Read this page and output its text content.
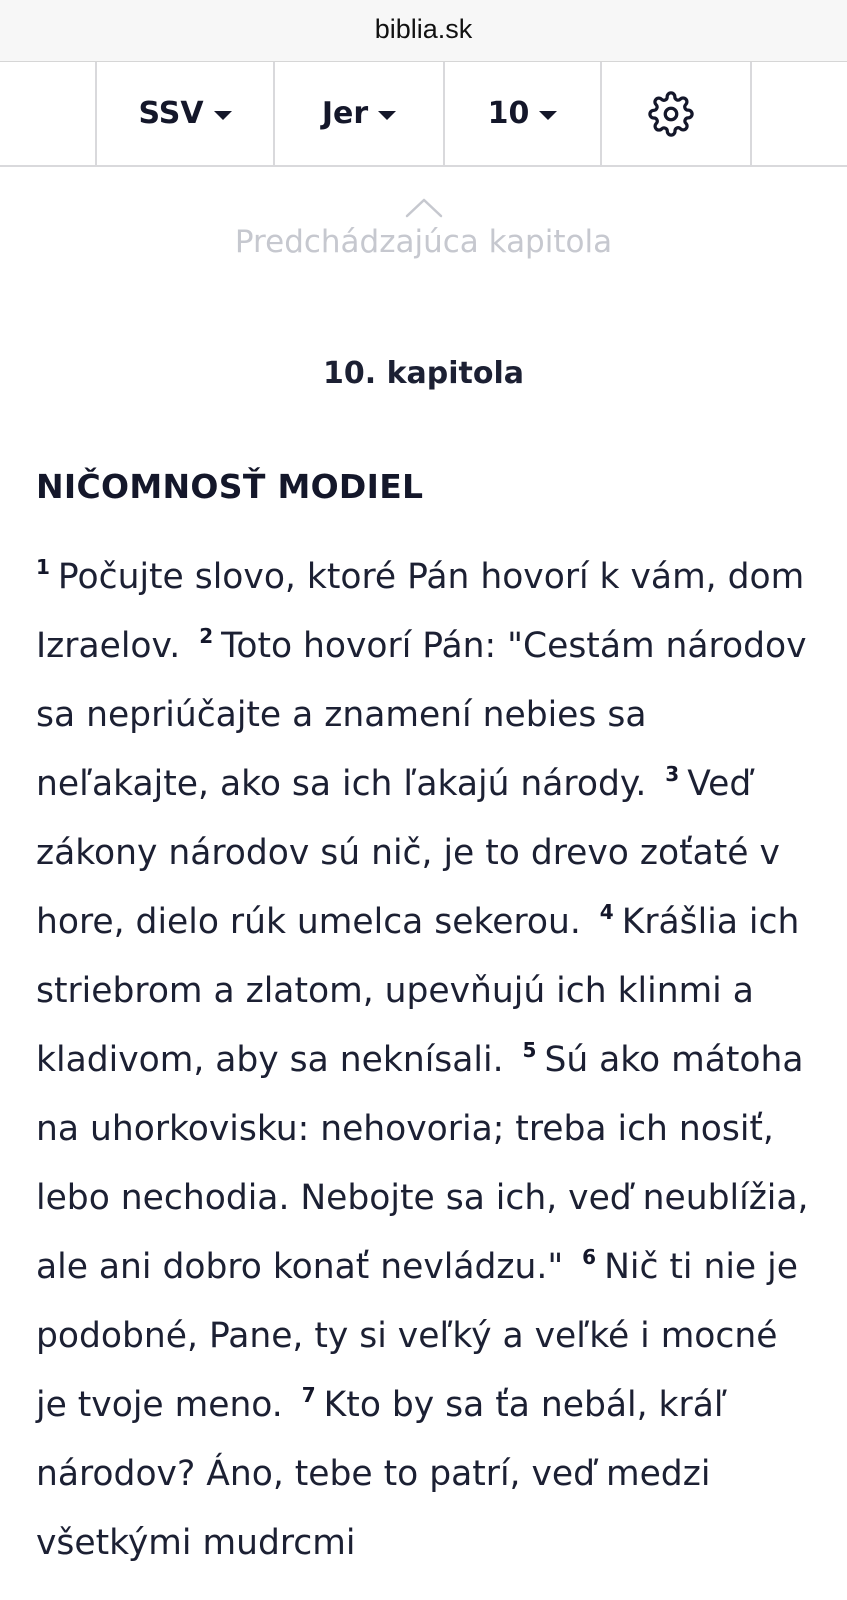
biblia.sk
SSV	Jer	10
Predchádzajúca kapitola
10. kapitola
NIČOMNOSŤ MODIEL
$^1$ Počujte slovo, ktoré Pán hovorí k vám, dom Izraelov. $^2$ Toto hovorí Pán: "Cestám národov sa nepriúčajte a znamení nebies sa neľakajte, ako sa ich ľakajú národy. $^3$ Veď zákony národov sú nič, je to drevo zoťaté v hore, dielo rúk umelca sekerou. $^4$ Krášlia ich striebrom a zlatom, upevňujú ich klinmi a kladivom, aby sa neknísali. $^5$ Sú ako mátoha na uhorkovisku: nehovoria; treba ich nosiť, lebo nechodia. Nebojte sa ich, veď neublížia, ale ani dobro konať nevládzu." $^6$ Nič ti nie je podobné, Pane, ty si veľký a veľké i mocné je tvoje meno. $^7$ Kto by sa ťa nebál, kráľ národov? Áno, tebe to patrí, veď medzi všetkými mudrcmi
